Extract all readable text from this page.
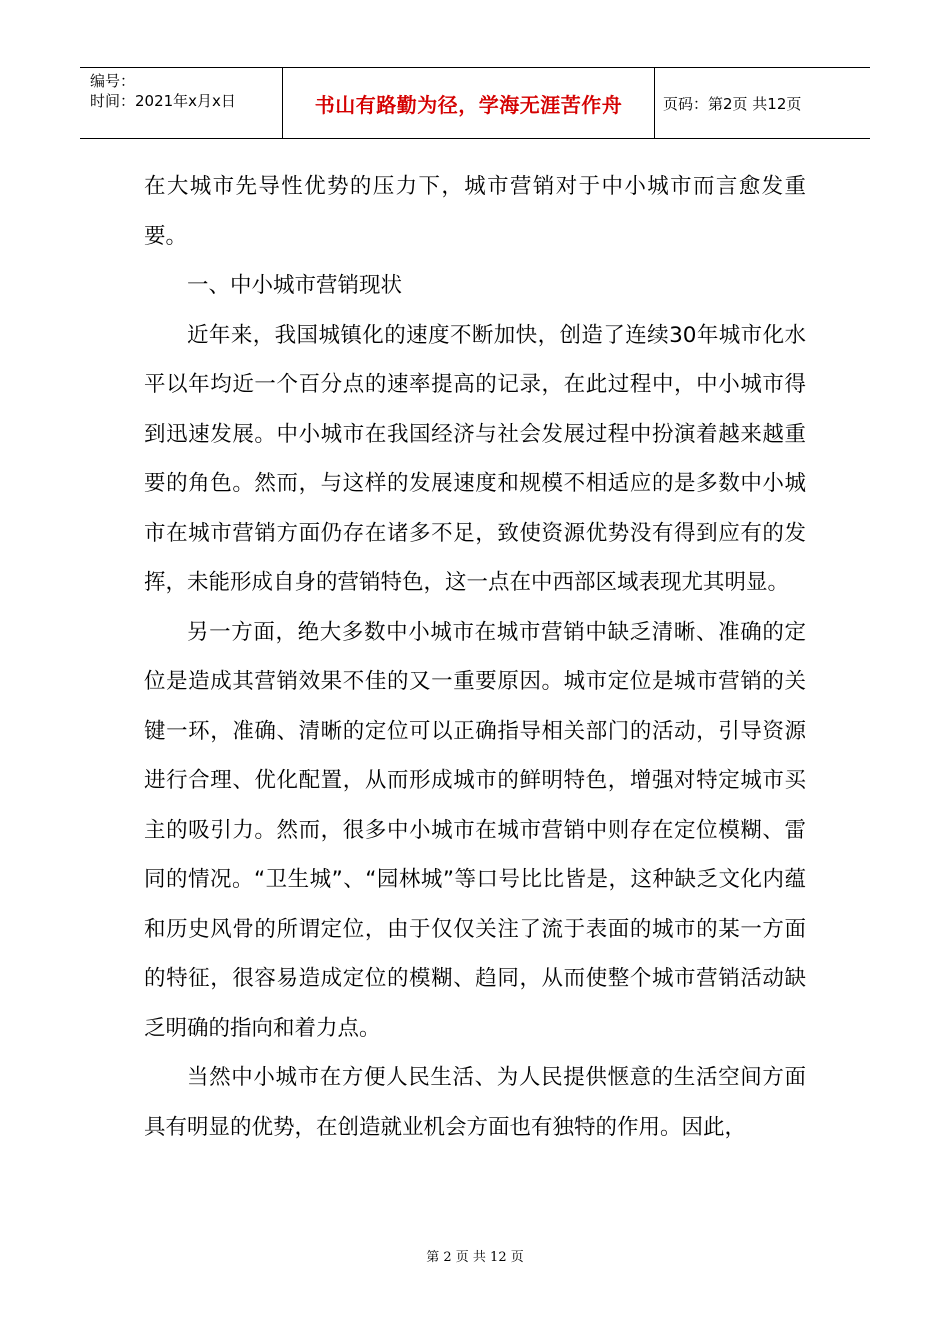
编号：
时间：2021年x月x日	书山有路勤为径，学海无涯苦作舟	页码：第2页 共12页

在大城市先导性优势的压力下，城市营销对于中小城市而言愈发重要。

一、中小城市营销现状

近年来，我国城镇化的速度不断加快，创造了连续30年城市化水平以年均近一个百分点的速率提高的记录，在此过程中，中小城市得到迅速发展。中小城市在我国经济与社会发展过程中扮演着越来越重要的角色。然而，与这样的发展速度和规模不相适应的是多数中小城市在城市营销方面仍存在诸多不足，致使资源优势没有得到应有的发挥，未能形成自身的营销特色，这一点在中西部区域表现尤其明显。

另一方面，绝大多数中小城市在城市营销中缺乏清晰、准确的定位是造成其营销效果不佳的又一重要原因。城市定位是城市营销的关键一环，准确、清晰的定位可以正确指导相关部门的活动，引导资源进行合理、优化配置，从而形成城市的鲜明特色，增强对特定城市买主的吸引力。然而，很多中小城市在城市营销中则存在定位模糊、雷同的情况。“卫生城”、“园林城”等口号比比皆是，这种缺乏文化内蕴和历史风骨的所谓定位，由于仅仅关注了流于表面的城市的某一方面的特征，很容易造成定位的模糊、趋同，从而使整个城市营销活动缺乏明确的指向和着力点。

当然中小城市在方便人民生活、为人民提供惬意的生活空间方面具有明显的优势，在创造就业机会方面也有独特的作用。因此，

第 2 页 共 12 页
